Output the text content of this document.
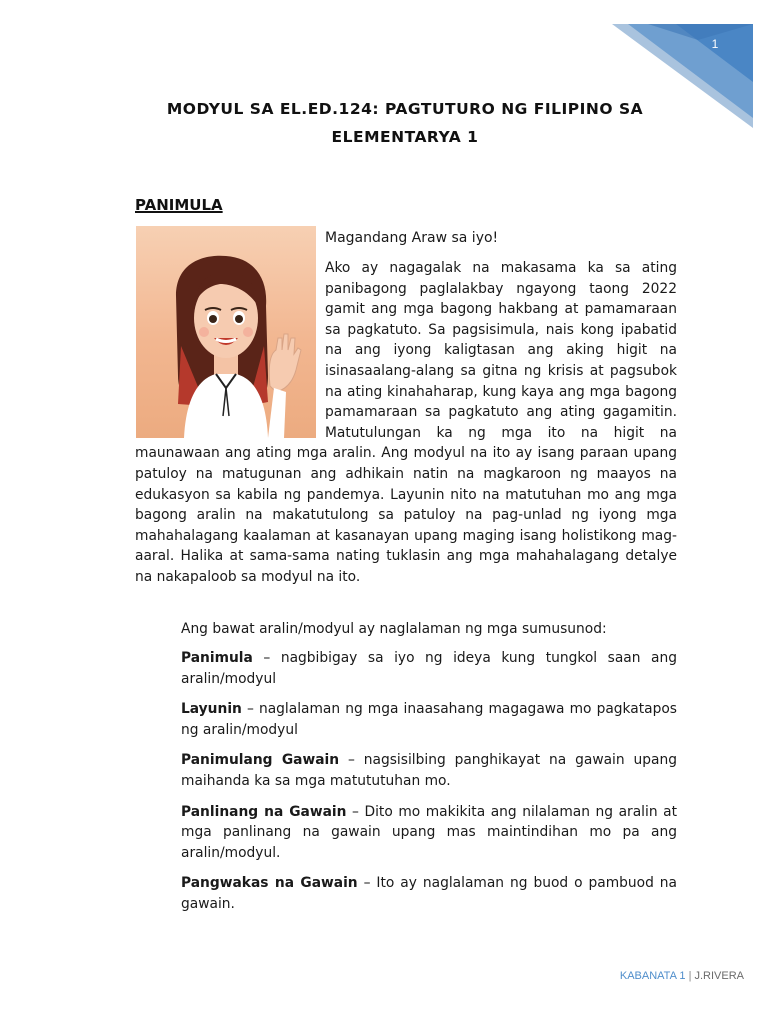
1
MODYUL SA EL.ED.124: PAGTUTURO NG FILIPINO SA
ELEMENTARYA 1
PANIMULA
Magandang Araw sa iyo!
Ako ay nagagalak na makasama ka sa ating panibagong paglalakbay ngayong taong 2022 gamit ang mga bagong hakbang at pamamaraan sa pagkatuto. Sa pagsisimula, nais kong ipabatid na ang iyong kaligtasan ang aking higit na isinasaalang-alang sa gitna ng krisis at pagsubok na ating kinahaharap, kung kaya ang mga bagong pamamaraan sa pagkatuto ang ating gagamitin. Matutulungan ka ng mga ito na higit na maunawaan ang ating mga aralin. Ang modyul na ito ay isang paraan upang patuloy na matugunan ang adhikain natin na magkaroon ng maayos na edukasyon sa kabila ng pandemya. Layunin nito na matutuhan mo ang mga bagong aralin na makatutulong sa patuloy na pag-unlad ng iyong mga mahahalagang kaalaman at kasanayan upang maging isang holistikong mag-aaral. Halika at sama-sama nating tuklasin ang mga mahahalagang detalye na nakapaloob sa modyul na ito.
Ang bawat aralin/modyul ay naglalaman ng mga sumusunod:

Panimula – nagbibigay sa iyo ng ideya kung tungkol saan ang aralin/modyul

Layunin – naglalaman ng mga inaasahang magagawa mo pagkatapos ng aralin/modyul

Panimulang Gawain – nagsisilbing panghikayat na gawain upang maihanda ka sa mga matututuhan mo.

Panlinang na Gawain – Dito mo makikita ang nilalaman ng aralin at mga panlinang na gawain upang mas maintindihan mo pa ang aralin/modyul.

Pangwakas na Gawain – Ito ay naglalaman ng buod o pambuod na gawain.

KABANATA 1 | J.RIVERA
